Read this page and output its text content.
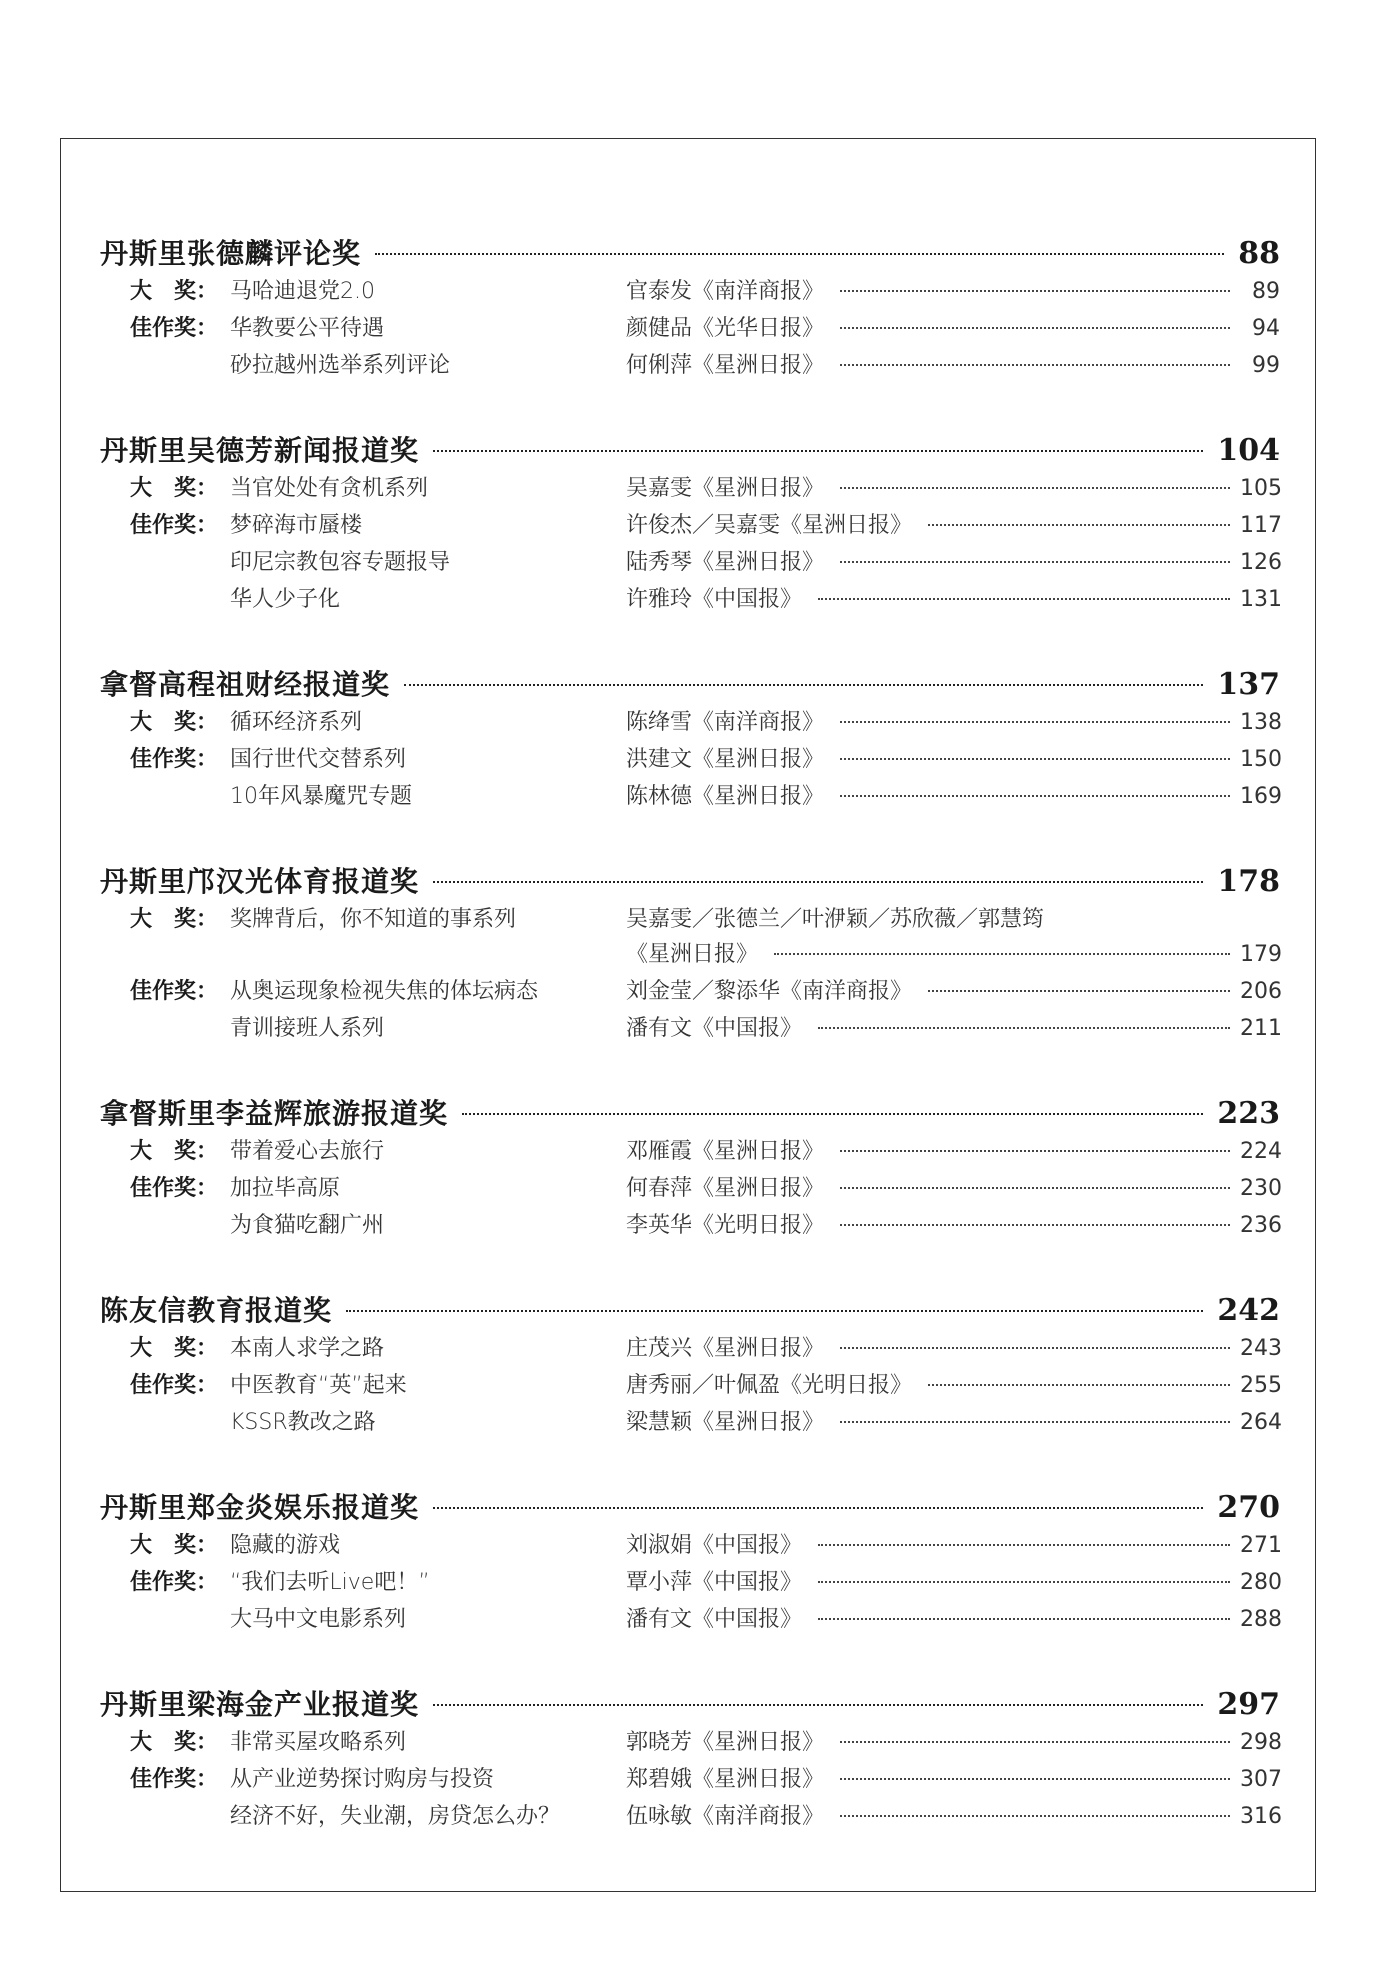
丹斯里张德麟评论奖	88
大　奖： 马哈迪退党2.0	官泰发《南洋商报》	89
佳作奖： 华教要公平待遇	颜健品《光华日报》	94
砂拉越州选举系列评论	何俐萍《星洲日报》	99
丹斯里吴德芳新闻报道奖	104
大　奖： 当官处处有贪机系列	吴嘉雯《星洲日报》	105
佳作奖： 梦碎海市蜃楼	许俊杰／吴嘉雯《星洲日报》	117
印尼宗教包容专题报导	陆秀琴《星洲日报》	126
华人少子化	许雅玲《中国报》	131
拿督高程祖财经报道奖	137
大　奖： 循环经济系列	陈绛雪《南洋商报》	138
佳作奖： 国行世代交替系列	洪建文《星洲日报》	150
10年风暴魔咒专题	陈林德《星洲日报》	169
丹斯里邝汉光体育报道奖	178
大　奖： 奖牌背后，你不知道的事系列	吴嘉雯／张德兰／叶洢颖／苏欣薇／郭慧筠
《星洲日报》	179
佳作奖： 从奥运现象检视失焦的体坛病态	刘金莹／黎添华《南洋商报》	206
青训接班人系列	潘有文《中国报》	211
拿督斯里李益辉旅游报道奖	223
大　奖： 带着爱心去旅行	邓雁霞《星洲日报》	224
佳作奖： 加拉毕高原	何春萍《星洲日报》	230
为食猫吃翻广州	李英华《光明日报》	236
陈友信教育报道奖	242
大　奖： 本南人求学之路	庄茂兴《星洲日报》	243
佳作奖： 中医教育“英”起来	唐秀丽／叶佩盈《光明日报》	255
KSSR教改之路	梁慧颖《星洲日报》	264
丹斯里郑金炎娱乐报道奖	270
大　奖： 隐藏的游戏	刘淑娟《中国报》	271
佳作奖： “我们去听Live吧！”	覃小萍《中国报》	280
大马中文电影系列	潘有文《中国报》	288
丹斯里梁海金产业报道奖	297
大　奖： 非常买屋攻略系列	郭晓芳《星洲日报》	298
佳作奖： 从产业逆势探讨购房与投资	郑碧娥《星洲日报》	307
经济不好，失业潮，房贷怎么办？	伍咏敏《南洋商报》	316
